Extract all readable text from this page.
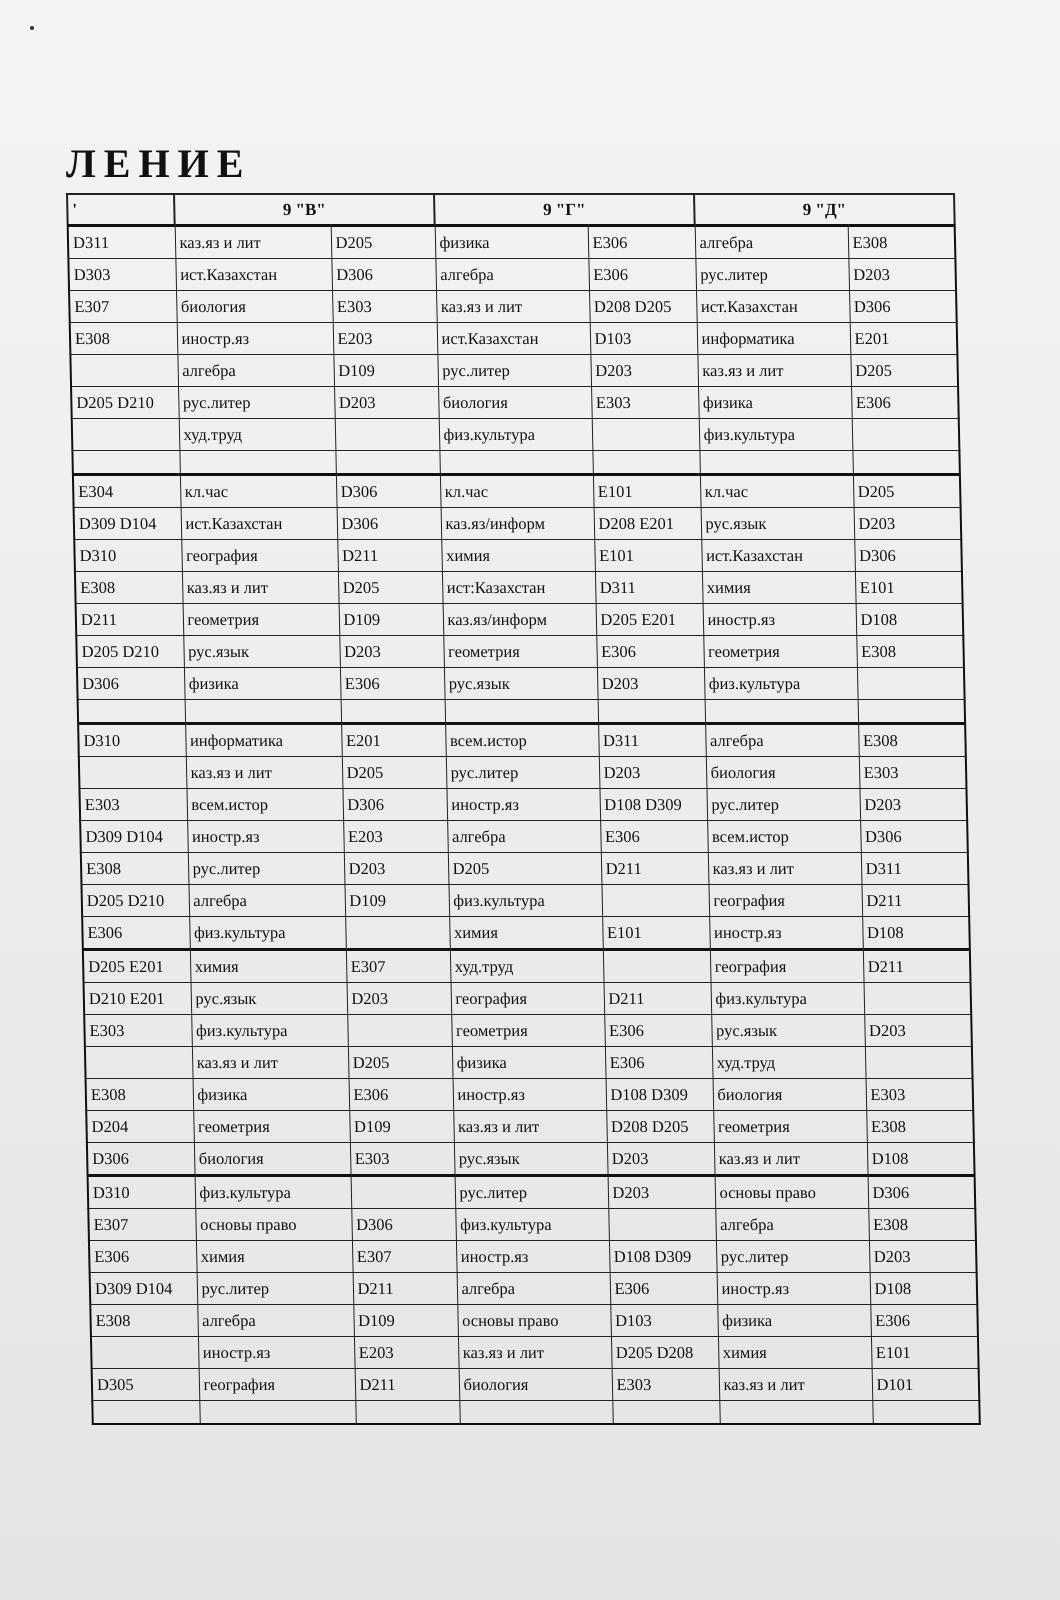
ЛЕНИЕ
'	9 "В"		9 "Г"		9 "Д"	
D311	каз.яз и лит	D205	физика	E306	алгебра	E308
D303	ист.Казахстан	D306	алгебра	E306	рус.литер	D203
E307	биология	E303	каз.яз и лит	D208 D205	ист.Казахстан	D306
E308	иностр.яз	E203	ист.Казахстан	D103	информатика	E201
	алгебра	D109	рус.литер	D203	каз.яз и лит	D205
D205 D210	рус.литер	D203	биология	E303	физика	E306
	худ.труд		физ.культура		физ.культура	

E304	кл.час	D306	кл.час	E101	кл.час	D205
D309 D104	ист.Казахстан	D306	каз.яз/информ	D208 E201	рус.язык	D203
D310	география	D211	химия	E101	ист.Казахстан	D306
E308	каз.яз и лит	D205	ист:Казахстан	D311	химия	E101
D211	геометрия	D109	каз.яз/информ	D205 E201	иностр.яз	D108
D205 D210	рус.язык	D203	геометрия	E306	геометрия	E308
D306	физика	E306	рус.язык	D203	физ.культура	

D310	информатика	E201	всем.истор	D311	алгебра	E308
	каз.яз и лит	D205	рус.литер	D203	биология	E303
E303	всем.истор	D306	иностр.яз	D108 D309	рус.литер	D203
D309 D104	иностр.яз	E203	алгебра	E306	всем.истор	D306
E308	рус.литер	D203	D205	D211	каз.яз и лит	D311
D205 D210	алгебра	D109	физ.культура		география	D211
E306	физ.культура		химия	E101	иностр.яз	D108
D205 E201	химия	E307	худ.труд		география	D211
D210 E201	рус.язык	D203	география	D211	физ.культура	
E303	физ.культура		геометрия	E306	рус.язык	D203
	каз.яз и лит	D205	физика	E306	худ.труд	
E308	физика	E306	иностр.яз	D108 D309	биология	E303
D204	геометрия	D109	каз.яз и лит	D208 D205	геометрия	E308
D306	биология	E303	рус.язык	D203	каз.яз и лит	D108
D310	физ.культура		рус.литер	D203	основы право	D306
E307	основы право	D306	физ.культура		алгебра	E308
E306	химия	E307	иностр.яз	D108 D309	рус.литер	D203
D309 D104	рус.литер	D211	алгебра	E306	иностр.яз	D108
E308	алгебра	D109	основы право	D103	физика	E306
	иностр.яз	E203	каз.яз и лит	D205 D208	химия	E101
D305	география	D211	биология	E303	каз.яз и лит	D101
